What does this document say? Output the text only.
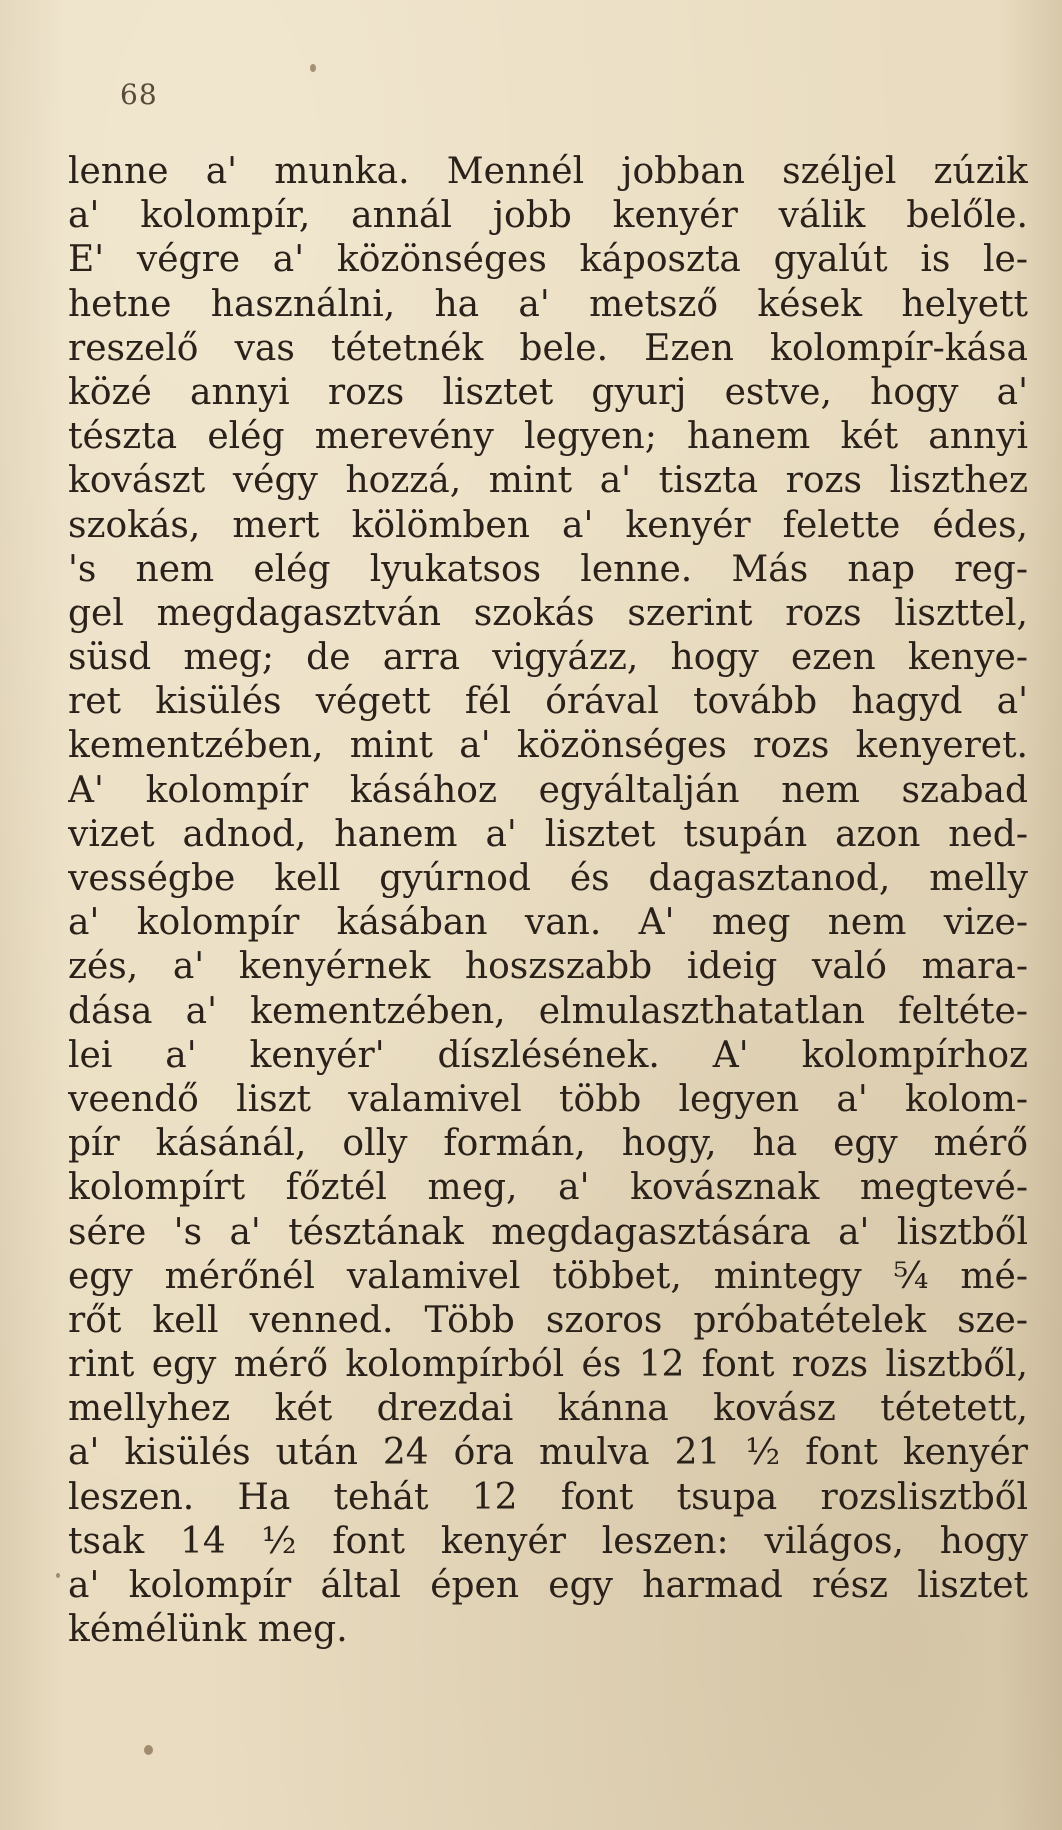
68
lenne a' munka. Mennél jobban széljel zúzik
a' kolompír, annál jobb kenyér válik belőle.
E' végre a' közönséges káposzta gyalút is le-
hetne használni, ha a' metsző kések helyett
reszelő vas tétetnék bele. Ezen kolompír-kása
közé annyi rozs lisztet gyurj estve, hogy a'
tészta elég merevény legyen; hanem két annyi
kovászt végy hozzá, mint a' tiszta rozs liszthez
szokás, mert kölömben a' kenyér felette édes,
's nem elég lyukatsos lenne. Más nap reg-
gel megdagasztván szokás szerint rozs liszttel,
süsd meg; de arra vigyázz, hogy ezen kenye-
ret kisülés végett fél órával tovább hagyd a'
kementzében, mint a' közönséges rozs kenyeret.
A' kolompír kásához egyáltalján nem szabad
vizet adnod, hanem a' lisztet tsupán azon ned-
vességbe kell gyúrnod és dagasztanod, melly
a' kolompír kásában van. A' meg nem vize-
zés, a' kenyérnek hoszszabb ideig való mara-
dása a' kementzében, elmulaszthatatlan feltéte-
lei a' kenyér' díszlésének. A' kolompírhoz
veendő liszt valamivel több legyen a' kolom-
pír kásánál, olly formán, hogy, ha egy mérő
kolompírt főztél meg, a' kovásznak megtevé-
sére 's a' tésztának megdagasztására a' lisztből
egy mérőnél valamivel többet, mintegy ⁵⁄₄ mé-
rőt kell venned. Több szoros próbatételek sze-
rint egy mérő kolompírból és 12 font rozs lisztből,
mellyhez két drezdai kánna kovász tétetett,
a' kisülés után 24 óra mulva 21 ½ font kenyér
leszen. Ha tehát 12 font tsupa rozslisztből
tsak 14 ½ font kenyér leszen: világos, hogy
a' kolompír által épen egy harmad rész lisztet
kémélünk meg.
